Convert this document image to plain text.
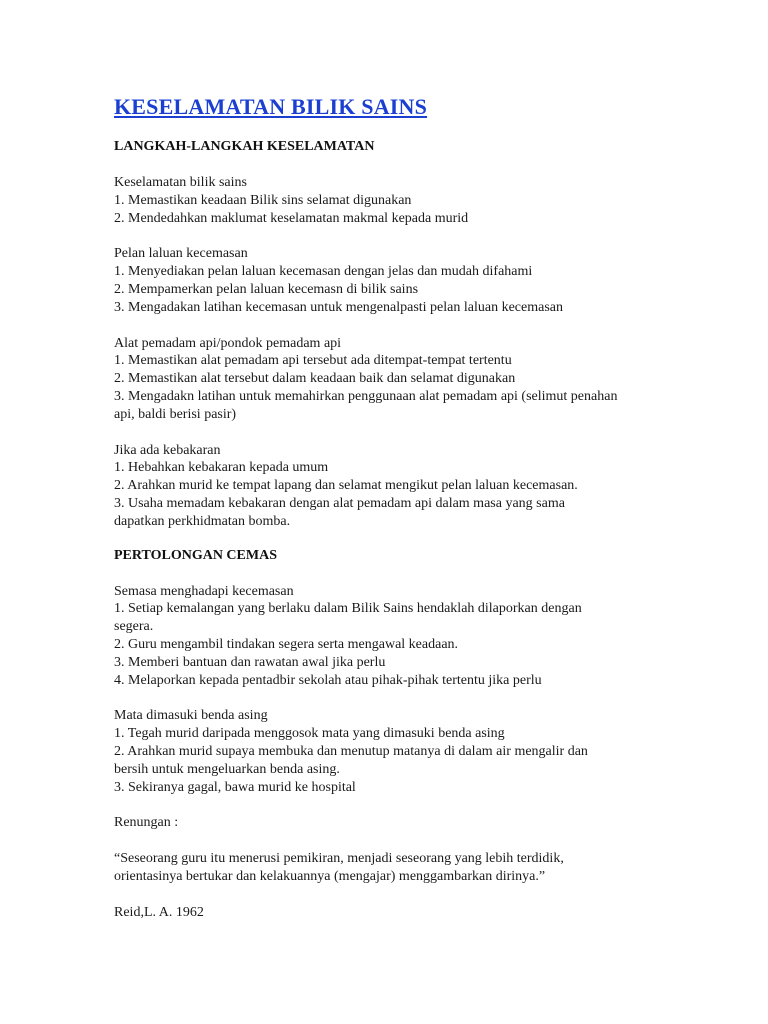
KESELAMATAN BILIK SAINS
LANGKAH-LANGKAH KESELAMATAN

Keselamatan bilik sains

1. Memastikan keadaan Bilik sins selamat digunakan

2. Mendedahkan maklumat keselamatan makmal kepada murid

Pelan laluan kecemasan

1. Menyediakan pelan laluan kecemasan dengan jelas dan mudah difahami

2. Mempamerkan pelan laluan kecemasn di bilik sains

3. Mengadakan latihan kecemasan untuk mengenalpasti pelan laluan kecemasan

Alat pemadam api/pondok pemadam api

1. Memastikan alat pemadam api tersebut ada ditempat-tempat tertentu

2. Memastikan alat tersebut dalam keadaan baik dan selamat digunakan

3. Mengadakn latihan untuk memahirkan penggunaan alat pemadam api (selimut penahan

api, baldi berisi pasir)

Jika ada kebakaran

1. Hebahkan kebakaran kepada umum

2. Arahkan murid ke tempat lapang dan selamat mengikut pelan laluan kecemasan.

3. Usaha memadam kebakaran dengan alat pemadam api dalam masa yang sama

dapatkan perkhidmatan bomba.

PERTOLONGAN CEMAS

Semasa menghadapi kecemasan

1. Setiap kemalangan yang berlaku dalam Bilik Sains hendaklah dilaporkan dengan

segera.

2. Guru mengambil tindakan segera serta mengawal keadaan.

3. Memberi bantuan dan rawatan awal jika perlu

4. Melaporkan kepada pentadbir sekolah atau pihak-pihak tertentu jika perlu

Mata dimasuki benda asing

1. Tegah murid daripada menggosok mata yang dimasuki benda asing

2. Arahkan murid supaya membuka dan menutup matanya di dalam air mengalir dan

bersih untuk mengeluarkan benda asing.

3. Sekiranya gagal, bawa murid ke hospital

Renungan :

“Seseorang guru itu menerusi pemikiran, menjadi seseorang yang lebih terdidik,

orientasinya bertukar dan kelakuannya (mengajar) menggambarkan dirinya.”

Reid,L. A. 1962
